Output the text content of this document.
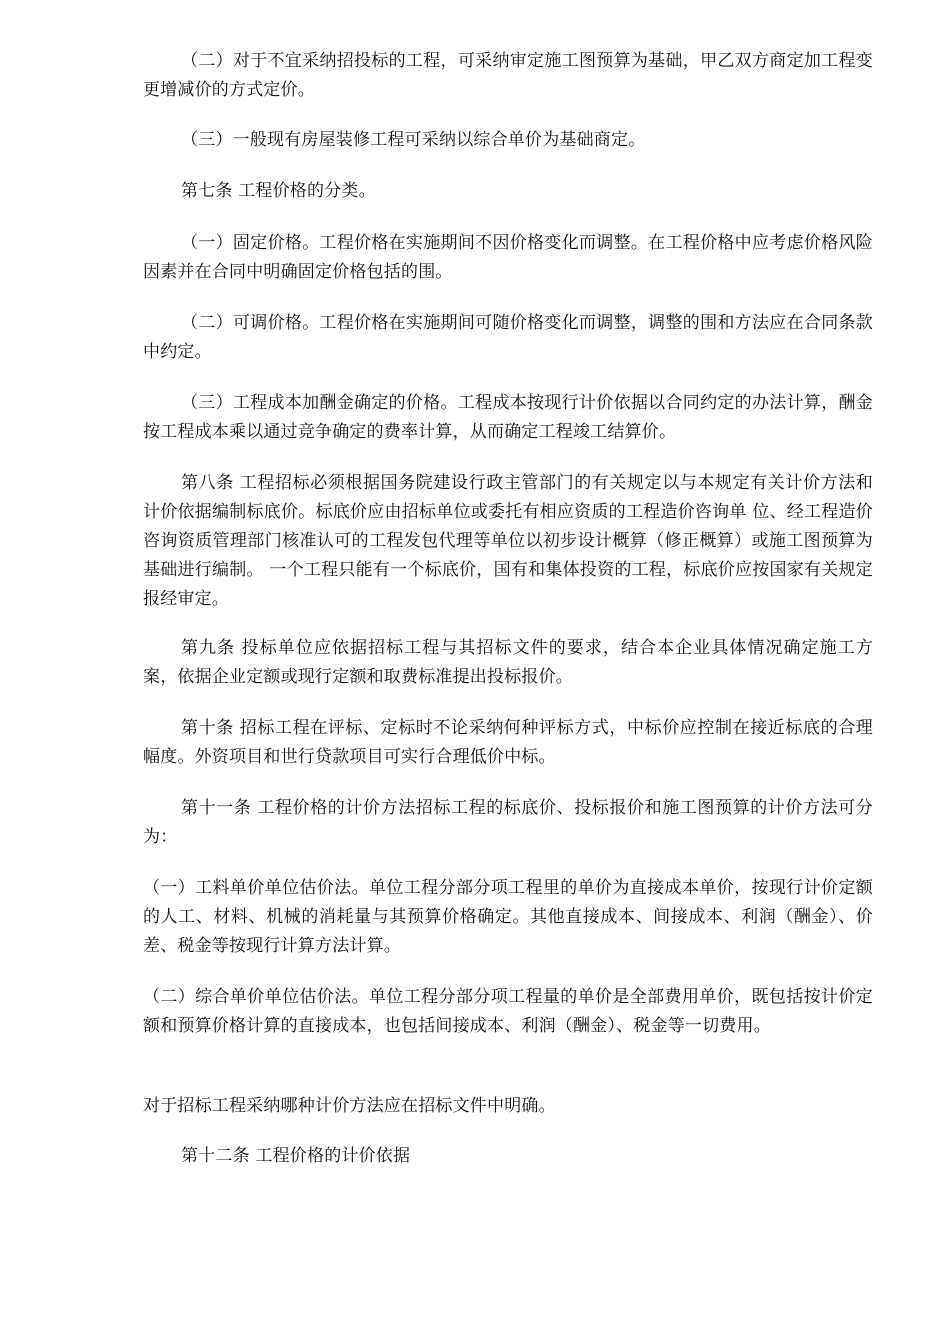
（二）对于不宜采纳招投标的工程，可采纳审定施工图预算为基础，甲乙双方商定加工程变更增减价的方式定价。

（三）一般现有房屋装修工程可采纳以综合单价为基础商定。

第七条 工程价格的分类。

（一）固定价格。工程价格在实施期间不因价格变化而调整。在工程价格中应考虑价格风险因素并在合同中明确固定价格包括的围。

（二）可调价格。工程价格在实施期间可随价格变化而调整，调整的围和方法应在合同条款中约定。

（三）工程成本加酬金确定的价格。工程成本按现行计价依据以合同约定的办法计算，酬金按工程成本乘以通过竞争确定的费率计算，从而确定工程竣工结算价。

第八条 工程招标必须根据国务院建设行政主管部门的有关规定以与本规定有关计价方法和计价依据编制标底价。标底价应由招标单位或委托有相应资质的工程造价咨询单 位、经工程造价咨询资质管理部门核准认可的工程发包代理等单位以初步设计概算（修正概算）或施工图预算为基础进行编制。 一个工程只能有一个标底价，国有和集体投资的工程，标底价应按国家有关规定报经审定。

第九条 投标单位应依据招标工程与其招标文件的要求，结合本企业具体情况确定施工方案，依据企业定额或现行定额和取费标准提出投标报价。

第十条 招标工程在评标、定标时不论采纳何种评标方式，中标价应控制在接近标底的合理幅度。外资项目和世行贷款项目可实行合理低价中标。

第十一条 工程价格的计价方法招标工程的标底价、投标报价和施工图预算的计价方法可分为：

（一）工料单价单位估价法。单位工程分部分项工程里的单价为直接成本单价，按现行计价定额的人工、材料、机械的消耗量与其预算价格确定。其他直接成本、间接成本、利润（酬金）、价差、税金等按现行计算方法计算。

（二）综合单价单位估价法。单位工程分部分项工程量的单价是全部费用单价，既包括按计价定额和预算价格计算的直接成本，也包括间接成本、利润（酬金）、税金等一切费用。

对于招标工程采纳哪种计价方法应在招标文件中明确。

第十二条 工程价格的计价依据
